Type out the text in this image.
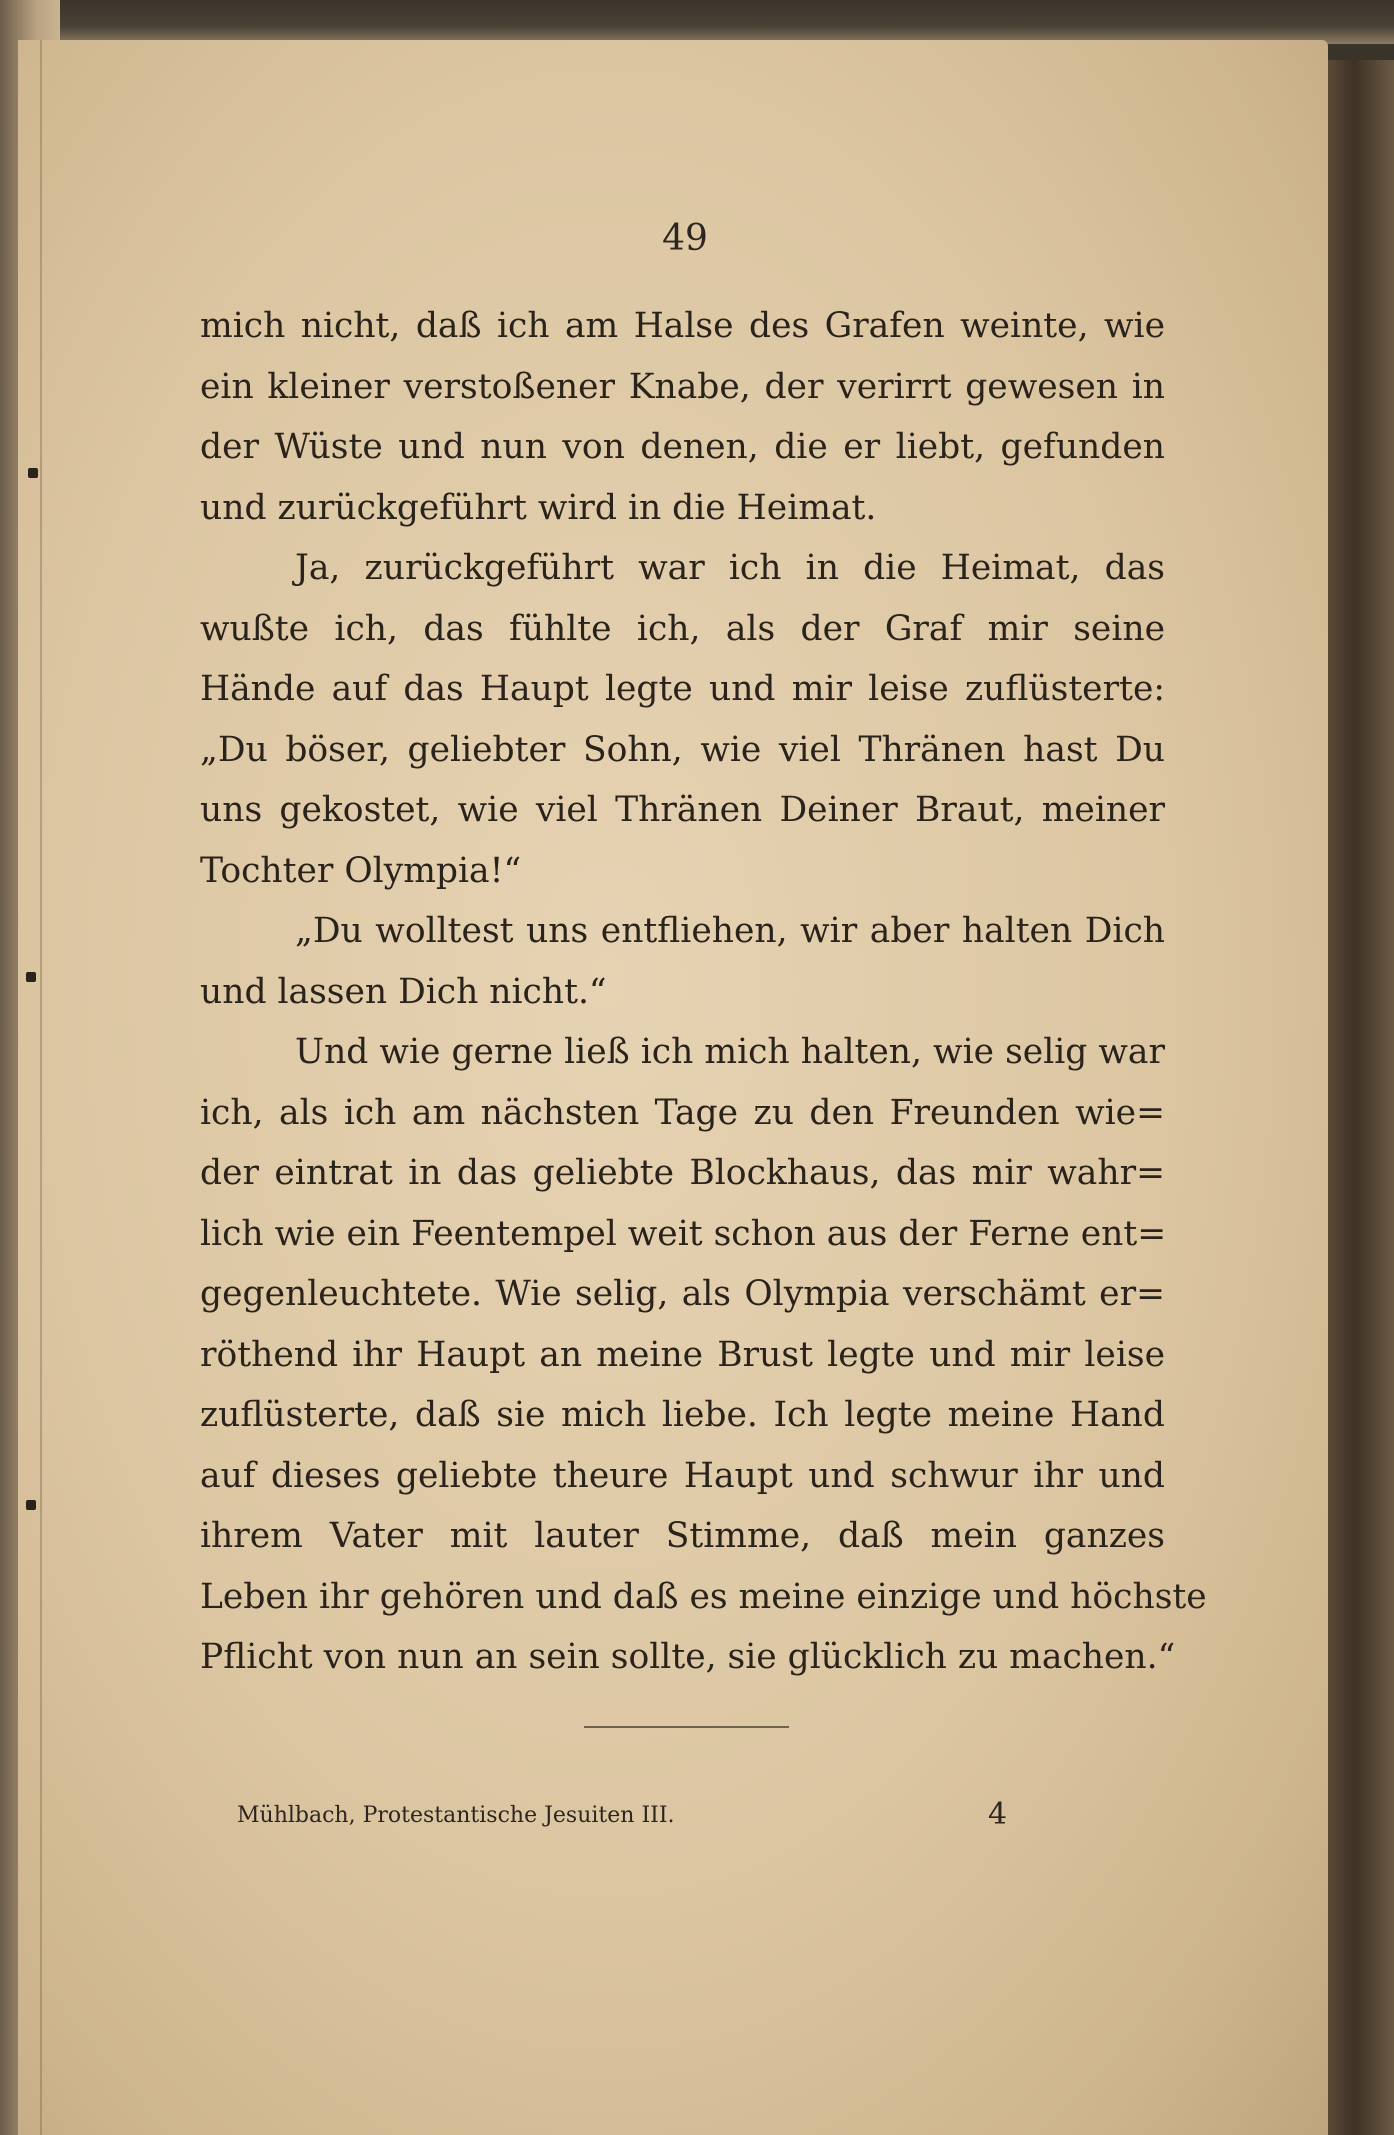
49
mich nicht, daß ich am Halse des Grafen weinte, wie
ein kleiner verstoßener Knabe, der verirrt gewesen in
der Wüste und nun von denen, die er liebt, gefunden
und zurückgeführt wird in die Heimat.
Ja, zurückgeführt war ich in die Heimat, das
wußte ich, das fühlte ich, als der Graf mir seine
Hände auf das Haupt legte und mir leise zuflüsterte:
„Du böser, geliebter Sohn, wie viel Thränen hast Du
uns gekostet, wie viel Thränen Deiner Braut, meiner
Tochter Olympia!“
„Du wolltest uns entfliehen, wir aber halten Dich
und lassen Dich nicht.“
Und wie gerne ließ ich mich halten, wie selig war
ich, als ich am nächsten Tage zu den Freunden wie=
der eintrat in das geliebte Blockhaus, das mir wahr=
lich wie ein Feentempel weit schon aus der Ferne ent=
gegenleuchtete. Wie selig, als Olympia verschämt er=
röthend ihr Haupt an meine Brust legte und mir leise
zuflüsterte, daß sie mich liebe. Ich legte meine Hand
auf dieses geliebte theure Haupt und schwur ihr und
ihrem Vater mit lauter Stimme, daß mein ganzes
Leben ihr gehören und daß es meine einzige und höchste
Pflicht von nun an sein sollte, sie glücklich zu machen.“
Mühlbach, Protestantische Jesuiten III.	4
